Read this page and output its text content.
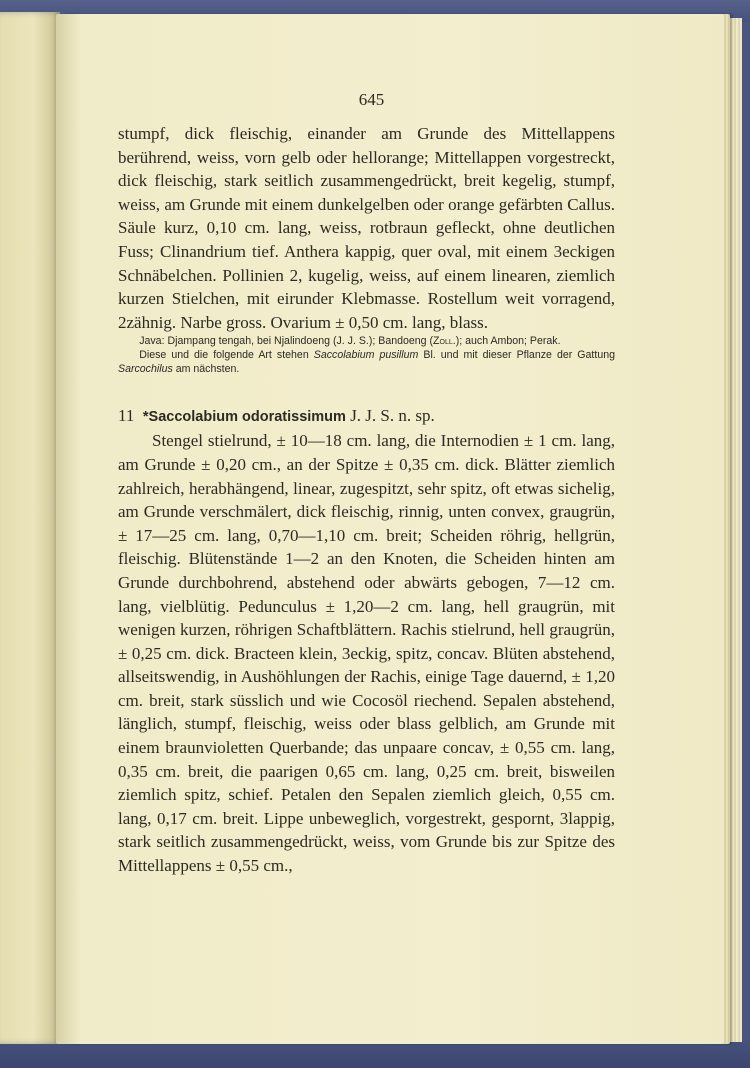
645

stumpf, dick fleischig, einander am Grunde des Mittellappens berührend, weiss, vorn gelb oder hellorange; Mittellappen vorgestreckt, dick fleischig, stark seitlich zusammengedrückt, breit kegelig, stumpf, weiss, am Grunde mit einem dunkelgelben oder orange gefärbten Callus. Säule kurz, 0,10 cm. lang, weiss, rotbraun gefleckt, ohne deutlichen Fuss; Clinandrium tief. Anthera kappig, quer oval, mit einem 3eckigen Schnäbelchen. Pollinien 2, kugelig, weiss, auf einem linearen, ziemlich kurzen Stielchen, mit eirunder Klebmasse. Rostellum weit vorragend, 2zähnig. Narbe gross. Ovarium ± 0,50 cm. lang, blass.

Java: Djampang tengah, bei Njalindoeng (J. J. S.); Bandoeng (Zoll.); auch Ambon; Perak.

Diese und die folgende Art stehen Saccolabium pusillum Bl. und mit dieser Pflanze der Gattung Sarcochilus am nächsten.

11 *Saccolabium odoratissimum J. J. S. n. sp.

Stengel stielrund, ± 10—18 cm. lang, die Internodien ± 1 cm. lang, am Grunde ± 0,20 cm., an der Spitze ± 0,35 cm. dick. Blätter ziemlich zahlreich, herabhängend, linear, zugespitzt, sehr spitz, oft etwas sichelig, am Grunde verschmälert, dick fleischig, rinnig, unten convex, graugrün, ± 17—25 cm. lang, 0,70—1,10 cm. breit; Scheiden röhrig, hellgrün, fleischig. Blütenstände 1—2 an den Knoten, die Scheiden hinten am Grunde durchbohrend, abstehend oder abwärts gebogen, 7—12 cm. lang, vielblütig. Pedunculus ± 1,20—2 cm. lang, hell graugrün, mit wenigen kurzen, röhrigen Schaftblättern. Rachis stielrund, hell graugrün, ± 0,25 cm. dick. Bracteen klein, 3eckig, spitz, concav. Blüten abstehend, allseitswendig, in Aushöhlungen der Rachis, einige Tage dauernd, ± 1,20 cm. breit, stark süsslich und wie Cocosöl riechend. Sepalen abstehend, länglich, stumpf, fleischig, weiss oder blass gelblich, am Grunde mit einem braunvioletten Querbande; das unpaare concav, ± 0,55 cm. lang, 0,35 cm. breit, die paarigen 0,65 cm. lang, 0,25 cm. breit, bisweilen ziemlich spitz, schief. Petalen den Sepalen ziemlich gleich, 0,55 cm. lang, 0,17 cm. breit. Lippe unbeweglich, vorgestrekt, gespornt, 3lappig, stark seitlich zusammengedrückt, weiss, vom Grunde bis zur Spitze des Mittellappens ± 0,55 cm.,
